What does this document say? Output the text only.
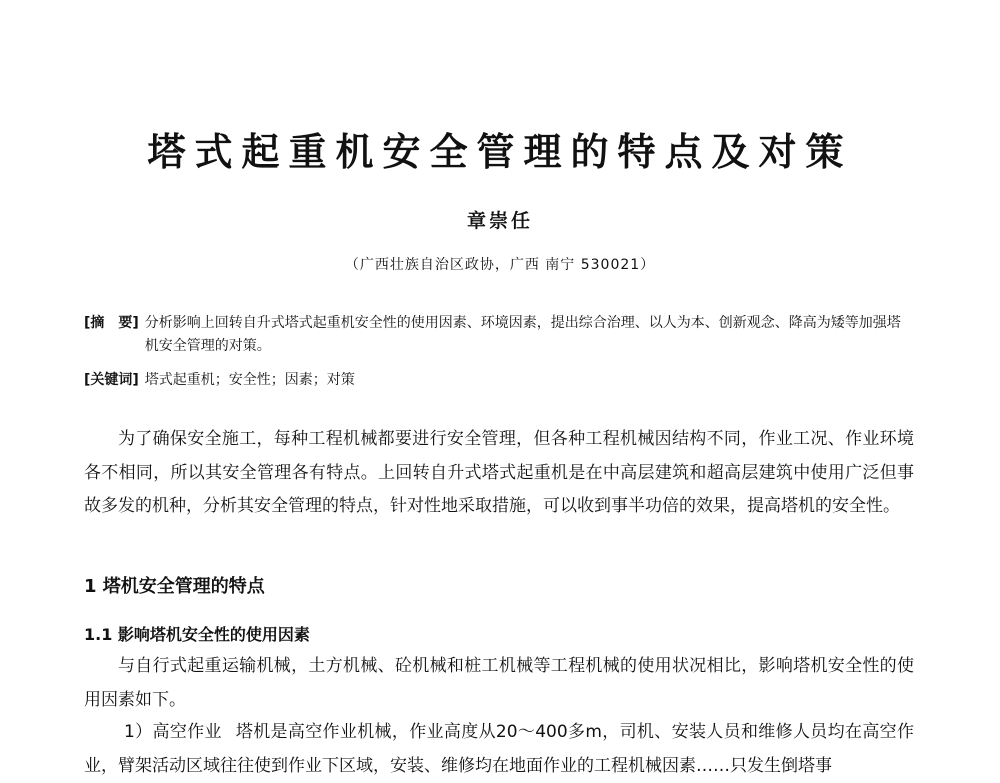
塔式起重机安全管理的特点及对策
章崇任
（广西壮族自治区政协，广西 南宁 530021）
[摘　要] 分析影响上回转自升式塔式起重机安全性的使用因素、环境因素，提出综合治理、以人为本、创新观念、降高为矮等加强塔机安全管理的对策。
[关键词] 塔式起重机；安全性；因素；对策
为了确保安全施工，每种工程机械都要进行安全管理，但各种工程机械因结构不同，作业工况、作业环境各不相同，所以其安全管理各有特点。上回转自升式塔式起重机是在中高层建筑和超高层建筑中使用广泛但事故多发的机种，分析其安全管理的特点，针对性地采取措施，可以收到事半功倍的效果，提高塔机的安全性。
1 塔机安全管理的特点
1.1 影响塔机安全性的使用因素
与自行式起重运输机械，土方机械、砼机械和桩工机械等工程机械的使用状况相比，影响塔机安全性的使用因素如下。
1）高空作业 塔机是高空作业机械，作业高度从20～400多m，司机、安装人员和维修人员均在高空作业，臂架活动区域往往使到作业下区域，安装、维修均在地面作业的工程机械因素……只发生倒塔事
